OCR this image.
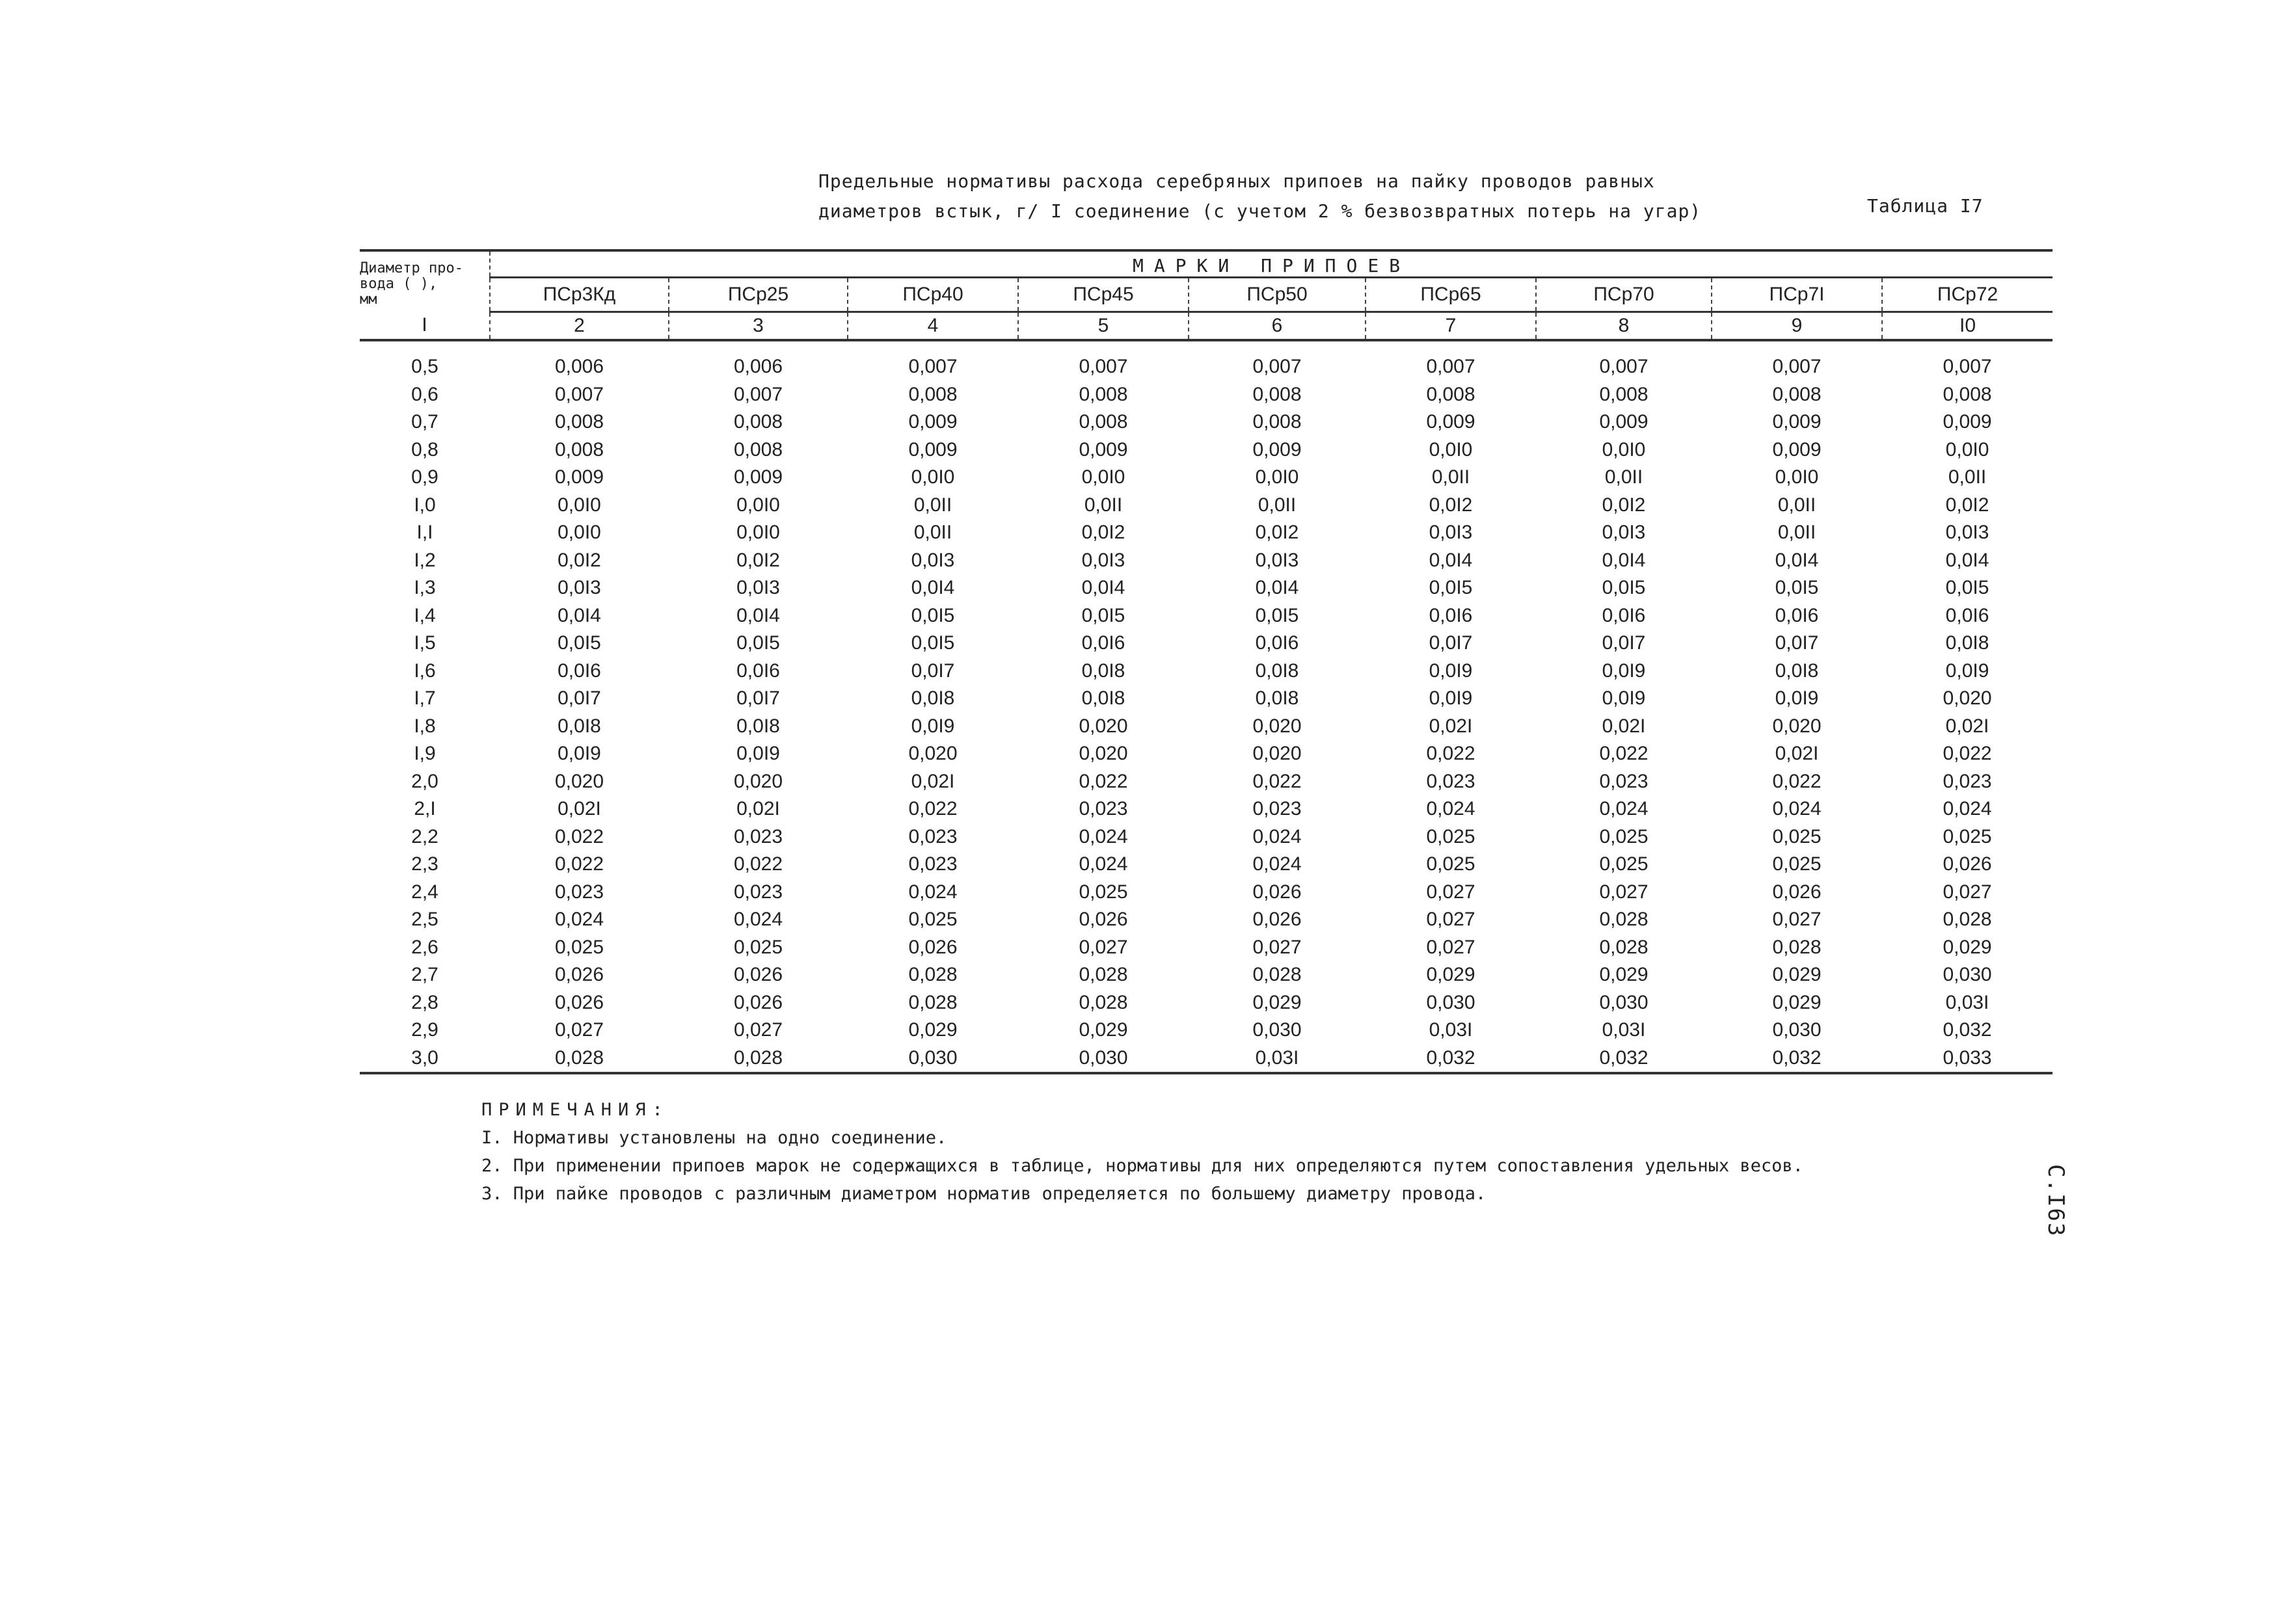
Предельные нормативы расхода серебряных припоев на пайку проводов равных
диаметров встык, г/ I соединение (с учетом 2 % безвозвратных потерь на угар)	Таблица I7
Диаметр про-
вода ( ),
мм	МАРКИ ПРИПОЕВ								
	ПСр3Кд	ПСр25	ПСр40	ПСр45	ПСр50	ПСр65	ПСр70	ПСр7I	ПСр72
I	2	3	4	5	6	7	8	9	I0
0,5	0,006	0,006	0,007	0,007	0,007	0,007	0,007	0,007	0,007
0,6	0,007	0,007	0,008	0,008	0,008	0,008	0,008	0,008	0,008
0,7	0,008	0,008	0,009	0,008	0,008	0,009	0,009	0,009	0,009
0,8	0,008	0,008	0,009	0,009	0,009	0,0I0	0,0I0	0,009	0,0I0
0,9	0,009	0,009	0,0I0	0,0I0	0,0I0	0,0II	0,0II	0,0I0	0,0II
I,0	0,0I0	0,0I0	0,0II	0,0II	0,0II	0,0I2	0,0I2	0,0II	0,0I2
I,I	0,0I0	0,0I0	0,0II	0,0I2	0,0I2	0,0I3	0,0I3	0,0II	0,0I3
I,2	0,0I2	0,0I2	0,0I3	0,0I3	0,0I3	0,0I4	0,0I4	0,0I4	0,0I4
I,3	0,0I3	0,0I3	0,0I4	0,0I4	0,0I4	0,0I5	0,0I5	0,0I5	0,0I5
I,4	0,0I4	0,0I4	0,0I5	0,0I5	0,0I5	0,0I6	0,0I6	0,0I6	0,0I6
I,5	0,0I5	0,0I5	0,0I5	0,0I6	0,0I6	0,0I7	0,0I7	0,0I7	0,0I8
I,6	0,0I6	0,0I6	0,0I7	0,0I8	0,0I8	0,0I9	0,0I9	0,0I8	0,0I9
I,7	0,0I7	0,0I7	0,0I8	0,0I8	0,0I8	0,0I9	0,0I9	0,0I9	0,020
I,8	0,0I8	0,0I8	0,0I9	0,020	0,020	0,02I	0,02I	0,020	0,02I
I,9	0,0I9	0,0I9	0,020	0,020	0,020	0,022	0,022	0,02I	0,022
2,0	0,020	0,020	0,02I	0,022	0,022	0,023	0,023	0,022	0,023
2,I	0,02I	0,02I	0,022	0,023	0,023	0,024	0,024	0,024	0,024
2,2	0,022	0,023	0,023	0,024	0,024	0,025	0,025	0,025	0,025
2,3	0,022	0,022	0,023	0,024	0,024	0,025	0,025	0,025	0,026
2,4	0,023	0,023	0,024	0,025	0,026	0,027	0,027	0,026	0,027
2,5	0,024	0,024	0,025	0,026	0,026	0,027	0,028	0,027	0,028
2,6	0,025	0,025	0,026	0,027	0,027	0,027	0,028	0,028	0,029
2,7	0,026	0,026	0,028	0,028	0,028	0,029	0,029	0,029	0,030
2,8	0,026	0,026	0,028	0,028	0,029	0,030	0,030	0,029	0,03I
2,9	0,027	0,027	0,029	0,029	0,030	0,03I	0,03I	0,030	0,032
3,0	0,028	0,028	0,030	0,030	0,03I	0,032	0,032	0,032	0,033
ПРИМЕЧАНИЯ:
I. Нормативы установлены на одно соединение.
2. При применении припоев марок не содержащихся в таблице, нормативы для них определяются путем сопоставления удельных весов.
3. При пайке проводов с различным диаметром норматив определяется по большему диаметру провода.	С.I63
